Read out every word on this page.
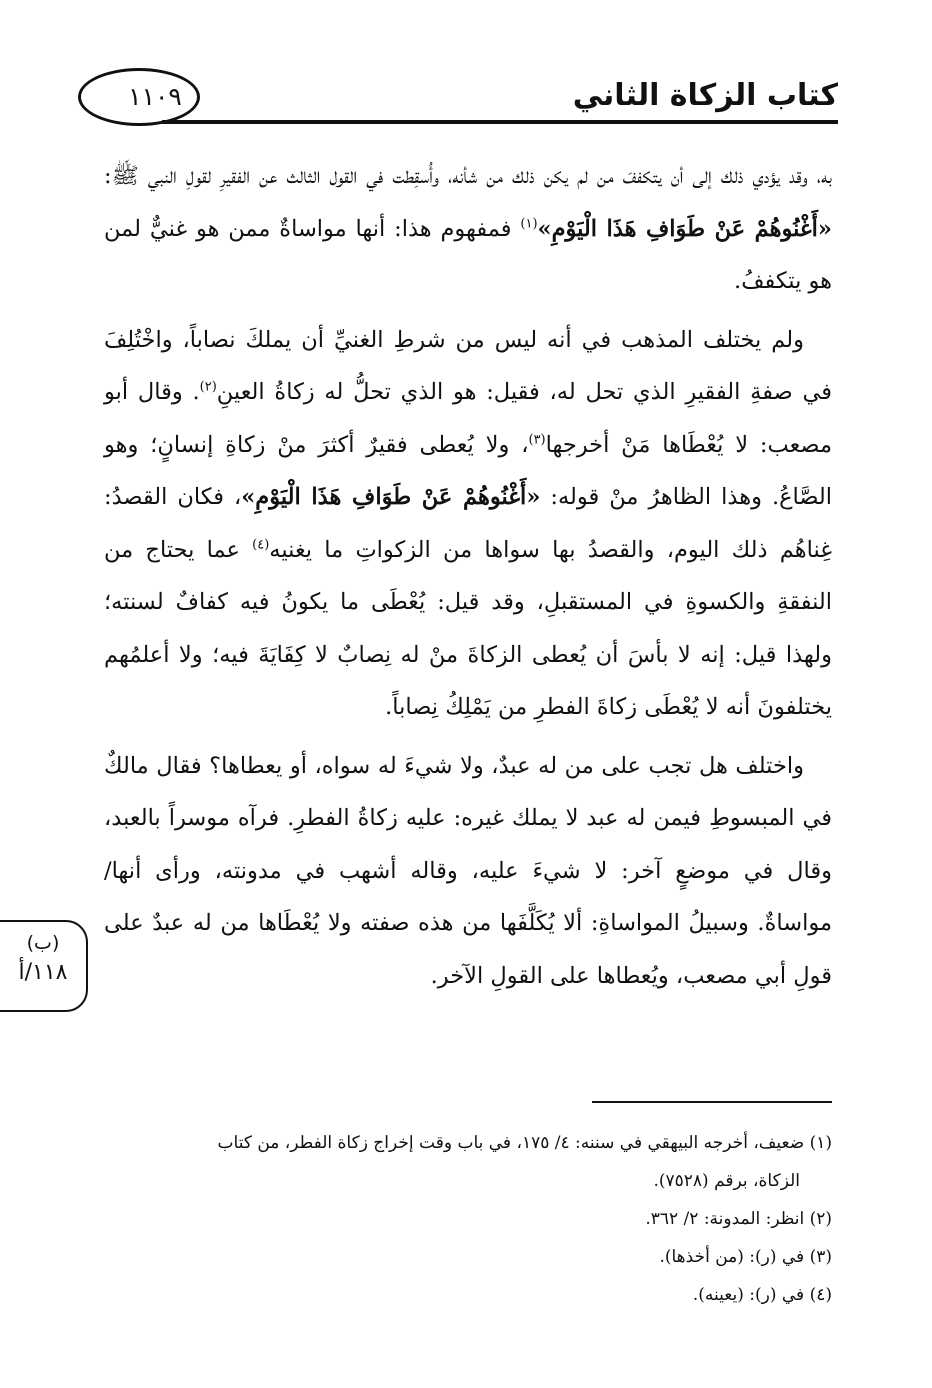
كتاب الزكاة الثاني
١١٠٩

به، وقد يؤدي ذلك إلى أن يتكففَ من لم يكن ذلك من شأنه، وأُسقِطت في القول الثالث عن الفقيرِ لقولِ النبي ﷺ: «أَغْنُوهُمْ عَنْ طَوَافِ هَذَا الْيَوْمِ»$^{(١)}$ فمفهوم هذا: أنها مواساةٌ ممن هو غنيٌّ لمن هو يتكففُ.

ولم يختلف المذهب في أنه ليس من شرطِ الغنيِّ أن يملكَ نصاباً، واخْتُلِفَ في صفةِ الفقيرِ الذي تحل له، فقيل: هو الذي تحلُّ له زكاةُ العينِ$^{(٢)}$. وقال أبو مصعب: لا يُعْطَاها مَنْ أخرجها$^{(٣)}$، ولا يُعطى فقيرٌ أكثرَ منْ زكاةِ إنسانٍ؛ وهو الصَّاعُ. وهذا الظاهرُ منْ قوله: «أَغْنُوهُمْ عَنْ طَوَافِ هَذَا الْيَوْمِ»، فكان القصدُ: غِناهُم ذلك اليوم، والقصدُ بها سواها من الزكواتِ ما يغنيه$^{(٤)}$ عما يحتاج من النفقةِ والكسوةِ في المستقبلِ، وقد قيل: يُعْطَى ما يكونُ فيه كفافٌ لسنته؛ ولهذا قيل: إنه لا بأسَ أن يُعطى الزكاةَ منْ له نِصابٌ لا كِفَايَةَ فيه؛ ولا أعلمُهم يختلفونَ أنه لا يُعْطَى زكاةَ الفطرِ من يَمْلِكُ نِصاباً.

واختلف هل تجب على من له عبدٌ، ولا شيءَ له سواه، أو يعطاها؟ فقال مالكٌ في المبسوطِ فيمن له عبد لا يملك غيره: عليه زكاةُ الفطرِ. فرآه موسراً بالعبد، وقال في موضعٍ آخر: لا شيءَ عليه، وقاله أشهب في مدونته، ورأى أنها/ مواساةٌ. وسبيلُ المواساةِ: ألا يُكَلَّفَها من هذه صفته ولا يُعْطَاها من له عبدٌ على قولِ أبي مصعب، ويُعطاها على القولِ الآخر.

(ب)
١١٨/أ

(١) ضعيف، أخرجه البيهقي في سننه: ٤/ ١٧٥، في باب وقت إخراج زكاة الفطر، من كتاب
الزكاة، برقم (٧٥٢٨).

(٢) انظر: المدونة: ٢/ ٣٦٢.

(٣) في (ر): (من أخذها).

(٤) في (ر): (يعينه).
